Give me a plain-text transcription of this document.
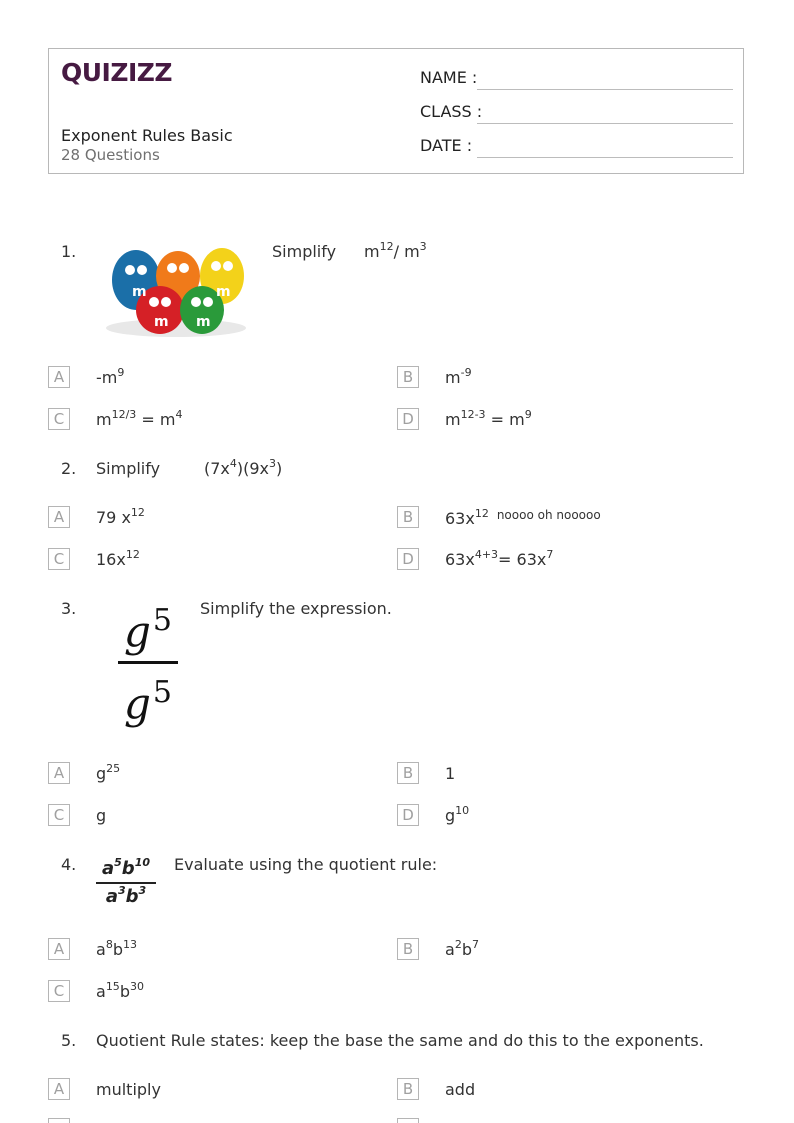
QUIZIZZ
Exponent Rules Basic
28 Questions
NAME :
CLASS :
DATE :
1.
m	m
m m
Simplify $m^{12}/$ $m^3$
A	$-m^9$	B	$m^{-9}$
C	$m^{12/3} = m^4$	D	$m^{12-3} = m^9$
2. Simplify	$(7x^4)(9x^3)$
A	79 $x^{12}$	B	$63x^{12}$ $^{noooo oh nooooo}$
C	$16x^{12}$	D	$63x^{4+3}= 63x^7$
3. $g^5$
$g^5$
Simplify the expression.
A	$g^{25}$	B	1
C	g	D	$g^{10}$
4.	$a^5b^{10}$
$a^3b^3$
Evaluate using the quotient rule:
A	$a^8b^{13}$	B	$a^2b^7$
C	$a^{15}b^{30}$
5. Quotient Rule states: keep the base the same and do this to the exponents.
A	multiply	B	add
